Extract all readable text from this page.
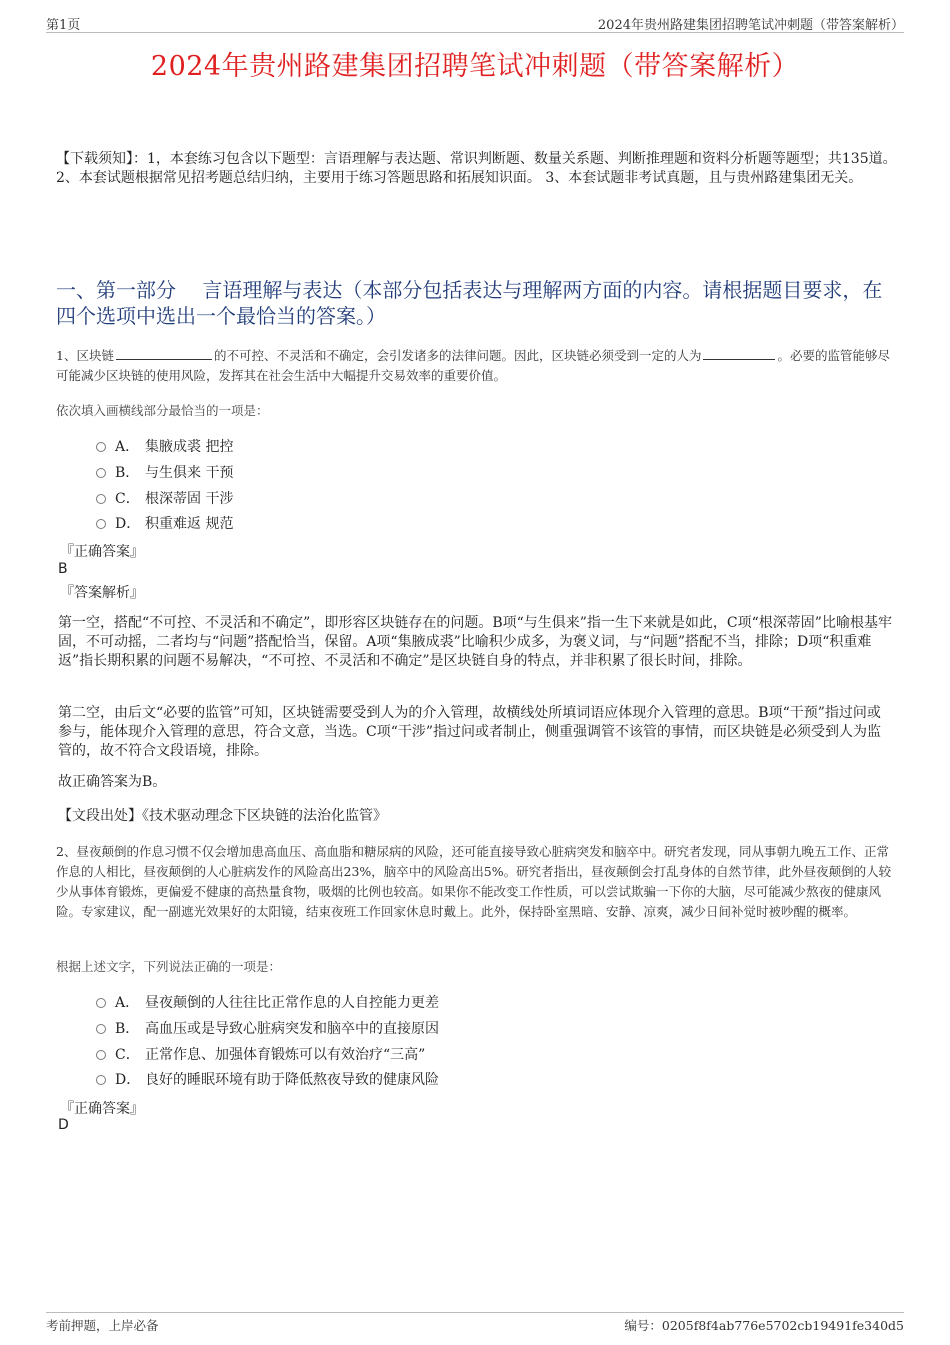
第1页	2024年贵州路建集团招聘笔试冲刺题（带答案解析）
2024年贵州路建集团招聘笔试冲刺题（带答案解析）
【下载须知】：1，本套练习包含以下题型：言语理解与表达题、常识判断题、数量关系题、判断推理题和资料分析题等题型；共135道。 2、本套试题根据常见招考题总结归纳，主要用于练习答题思路和拓展知识面。 3、本套试题非考试真题，且与贵州路建集团无关。
一、第一部分　 言语理解与表达（本部分包括表达与理解两方面的内容。请根据题目要求，在四个选项中选出一个最恰当的答案。）
1、区块链	的不可控、不灵活和不确定，会引发诸多的法律问题。因此，区块链必须受到一定的人为	。必要的监管能够尽可能减少区块链的使用风险，发挥其在社会生活中大幅提升交易效率的重要价值。
依次填入画横线部分最恰当的一项是：
A． 集腋成裘 把控
B． 与生俱来 干预
C． 根深蒂固 干涉
D． 积重难返 规范
『正确答案』
B
『答案解析』
第一空，搭配“不可控、不灵活和不确定”，即形容区块链存在的问题。B项“与生俱来”指一生下来就是如此，C项“根深蒂固”比喻根基牢固，不可动摇，二者均与“问题”搭配恰当，保留。A项“集腋成裘”比喻积少成多，为褒义词，与“问题”搭配不当，排除；D项“积重难返”指长期积累的问题不易解决，“不可控、不灵活和不确定”是区块链自身的特点，并非积累了很长时间，排除。
第二空，由后文“必要的监管”可知，区块链需要受到人为的介入管理，故横线处所填词语应体现介入管理的意思。B项“干预”指过问或参与，能体现介入管理的意思，符合文意，当选。C项“干涉”指过问或者制止，侧重强调管不该管的事情，而区块链是必须受到人为监管的，故不符合文段语境，排除。
故正确答案为B。
【文段出处】《技术驱动理念下区块链的法治化监管》
2、昼夜颠倒的作息习惯不仅会增加患高血压、高血脂和糖尿病的风险，还可能直接导致心脏病突发和脑卒中。研究者发现，同从事朝九晚五工作、正常作息的人相比，昼夜颠倒的人心脏病发作的风险高出23%，脑卒中的风险高出5%。研究者指出，昼夜颠倒会打乱身体的自然节律，此外昼夜颠倒的人较少从事体育锻炼，更偏爱不健康的高热量食物，吸烟的比例也较高。如果你不能改变工作性质，可以尝试欺骗一下你的大脑，尽可能减少熬夜的健康风险。专家建议，配一副遮光效果好的太阳镜，结束夜班工作回家休息时戴上。此外，保持卧室黑暗、安静、凉爽，减少日间补觉时被吵醒的概率。
根据上述文字，下列说法正确的一项是：
A． 昼夜颠倒的人往往比正常作息的人自控能力更差
B． 高血压或是导致心脏病突发和脑卒中的直接原因
C． 正常作息、加强体育锻炼可以有效治疗“三高”
D． 良好的睡眠环境有助于降低熬夜导致的健康风险
『正确答案』
D
考前押题，上岸必备	编号：0205f8f4ab776e5702cb19491fe340d5
